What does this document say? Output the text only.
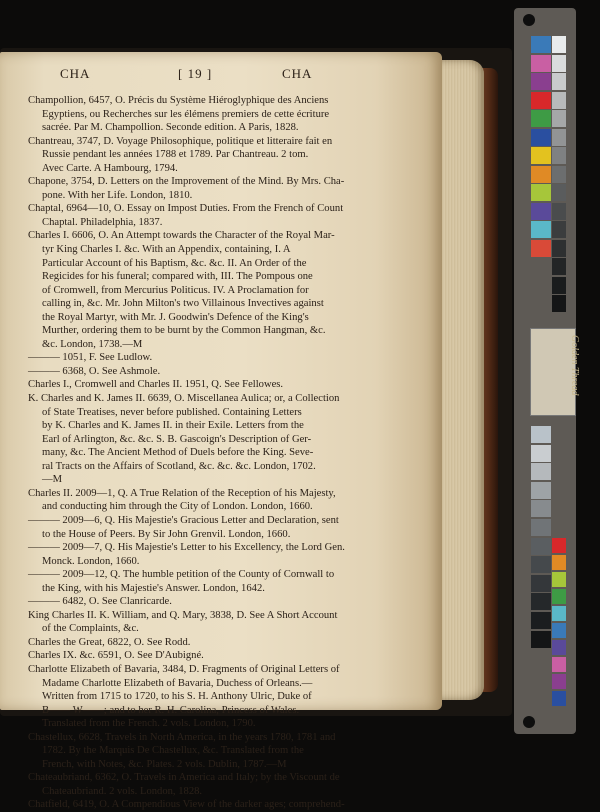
CHA	[ 19 ]	CHA
Champollion, 6457, O. Précis du Système Hiéroglyphique des Anciens
Egyptiens, ou Recherches sur les élémens premiers de cette écriture
sacrée. Par M. Champollion. Seconde edition. A Paris, 1828.
Chantreau, 3747, D. Voyage Philosophique, politique et litteraire fait en
Russie pendant les années 1788 et 1789. Par Chantreau. 2 tom.
Avec Carte. A Hambourg, 1794.
Chapone, 3754, D. Letters on the Improvement of the Mind. By Mrs. Cha-
pone. With her Life. London, 1810.
Chaptal, 6964—10, O. Essay on Impost Duties. From the French of Count
Chaptal. Philadelphia, 1837.
Charles I. 6606, O. An Attempt towards the Character of the Royal Mar-
tyr King Charles I. &c. With an Appendix, containing, I. A
Particular Account of his Baptism, &c. &c. II. An Order of the
Regicides for his funeral; compared with, III. The Pompous one
of Cromwell, from Mercurius Politicus. IV. A Proclamation for
calling in, &c. Mr. John Milton's two Villainous Invectives against
the Royal Martyr, with Mr. J. Goodwin's Defence of the King's
Murther, ordering them to be burnt by the Common Hangman, &c.
&c. London, 1738.—M
——— 1051, F. See Ludlow.
——— 6368, O. See Ashmole.
Charles I., Cromwell and Charles II. 1951, Q. See Fellowes.
K. Charles and K. James II. 6639, O. Miscellanea Aulica; or, a Collection
of State Treatises, never before published. Containing Letters
by K. Charles and K. James II. in their Exile. Letters from the
Earl of Arlington, &c. &c. S. B. Gascoign's Description of Ger-
many, &c. The Ancient Method of Duels before the King. Seve-
ral Tracts on the Affairs of Scotland, &c. &c. &c. London, 1702.
—M
Charles II. 2009—1, Q. A True Relation of the Reception of his Majesty,
and conducting him through the City of London. London, 1660.
——— 2009—6, Q. His Majestie's Gracious Letter and Declaration, sent
to the House of Peers. By Sir John Grenvil. London, 1660.
——— 2009—7, Q. His Majestie's Letter to his Excellency, the Lord Gen.
Monck. London, 1660.
——— 2009—12, Q. The humble petition of the County of Cornwall to
the King, with his Majestie's Answer. London, 1642.
——— 6482, O. See Clanricarde.
King Charles II. K. William, and Q. Mary, 3838, D. See A Short Account
of the Complaints, &c.
Charles the Great, 6822, O. See Rodd.
Charles IX. &c. 6591, O. See D'Aubigné.
Charlotte Elizabeth of Bavaria, 3484, D. Fragments of Original Letters of
Madame Charlotte Elizabeth of Bavaria, Duchess of Orleans.—
Written from 1715 to 1720, to his S. H. Anthony Ulric, Duke of
B—— W——; and to her R. H. Carolina, Princess of Wales.
Translated from the French. 2 vols. London, 1790.
Chastellux, 6628, Travels in North America, in the years 1780, 1781 and
1782. By the Marquis De Chastellux, &c. Translated from the
French, with Notes, &c. Plates. 2 vols. Dublin, 1787.—M
Chateaubriand, 6362, O. Travels in America and Italy; by the Viscount de
Chateaubriand. 2 vols. London, 1828.
Chatfield, 6419, O. A Compendious View of the darker ages; comprehend-
Golden Thread
